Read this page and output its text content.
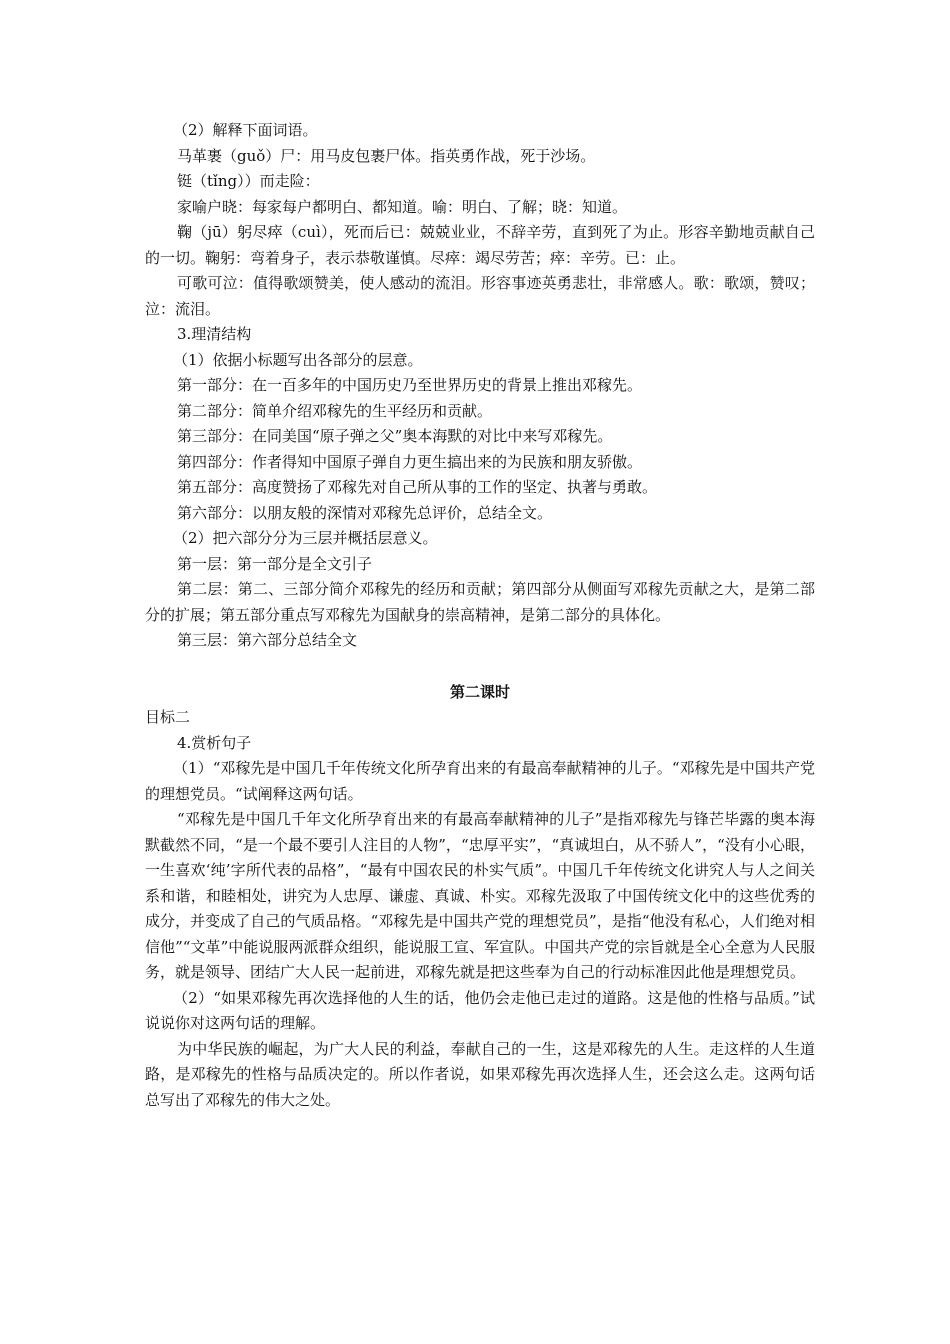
（2）解释下面词语。

马革裹（guǒ）尸：用马皮包裹尸体。指英勇作战，死于沙场。

铤（tǐng））而走险：

家喻户晓：每家每户都明白、都知道。喻：明白、了解；晓：知道。

鞠（jū）躬尽瘁（cuì），死而后已：兢兢业业，不辞辛劳，直到死了为止。形容辛勤地贡献自己的一切。鞠躬：弯着身子，表示恭敬谨慎。尽瘁：竭尽劳苦；瘁：辛劳。已：止。

可歌可泣：值得歌颂赞美，使人感动的流泪。形容事迹英勇悲壮，非常感人。歌：歌颂，赞叹；泣：流泪。

3.理清结构

（1）依据小标题写出各部分的层意。

第一部分：在一百多年的中国历史乃至世界历史的背景上推出邓稼先。

第二部分：简单介绍邓稼先的生平经历和贡献。

第三部分：在同美国“原子弹之父”奥本海默的对比中来写邓稼先。

第四部分：作者得知中国原子弹自力更生搞出来的为民族和朋友骄傲。

第五部分：高度赞扬了邓稼先对自己所从事的工作的坚定、执著与勇敢。

第六部分：以朋友般的深情对邓稼先总评价，总结全文。

（2）把六部分分为三层并概括层意义。

第一层：第一部分是全文引子

第二层：第二、三部分简介邓稼先的经历和贡献；第四部分从侧面写邓稼先贡献之大，是第二部分的扩展；第五部分重点写邓稼先为国献身的崇高精神，是第二部分的具体化。

第三层：第六部分总结全文

第二课时

目标二

4.赏析句子

（1）“邓稼先是中国几千年传统文化所孕育出来的有最高奉献精神的儿子。“邓稼先是中国共产党的理想党员。“试阐释这两句话。

“邓稼先是中国几千年文化所孕育出来的有最高奉献精神的儿子”是指邓稼先与锋芒毕露的奥本海默截然不同，“是一个最不要引人注目的人物”，“忠厚平实”，“真诚坦白，从不骄人”，“没有小心眼，一生喜欢‘纯’字所代表的品格”，“最有中国农民的朴实气质”。中国几千年传统文化讲究人与人之间关系和谐，和睦相处，讲究为人忠厚、谦虚、真诚、朴实。邓稼先汲取了中国传统文化中的这些优秀的成分，并变成了自己的气质品格。“邓稼先是中国共产党的理想党员”，是指“他没有私心，人们绝对相信他”“文革”中能说服两派群众组织，能说服工宣、军宣队。中国共产党的宗旨就是全心全意为人民服务，就是领导、团结广大人民一起前进，邓稼先就是把这些奉为自己的行动标准因此他是理想党员。

（2）“如果邓稼先再次选择他的人生的话，他仍会走他已走过的道路。这是他的性格与品质。”试说说你对这两句话的理解。

为中华民族的崛起，为广大人民的利益，奉献自己的一生，这是邓稼先的人生。走这样的人生道路，是邓稼先的性格与品质决定的。所以作者说，如果邓稼先再次选择人生，还会这么走。这两句话总写出了邓稼先的伟大之处。
